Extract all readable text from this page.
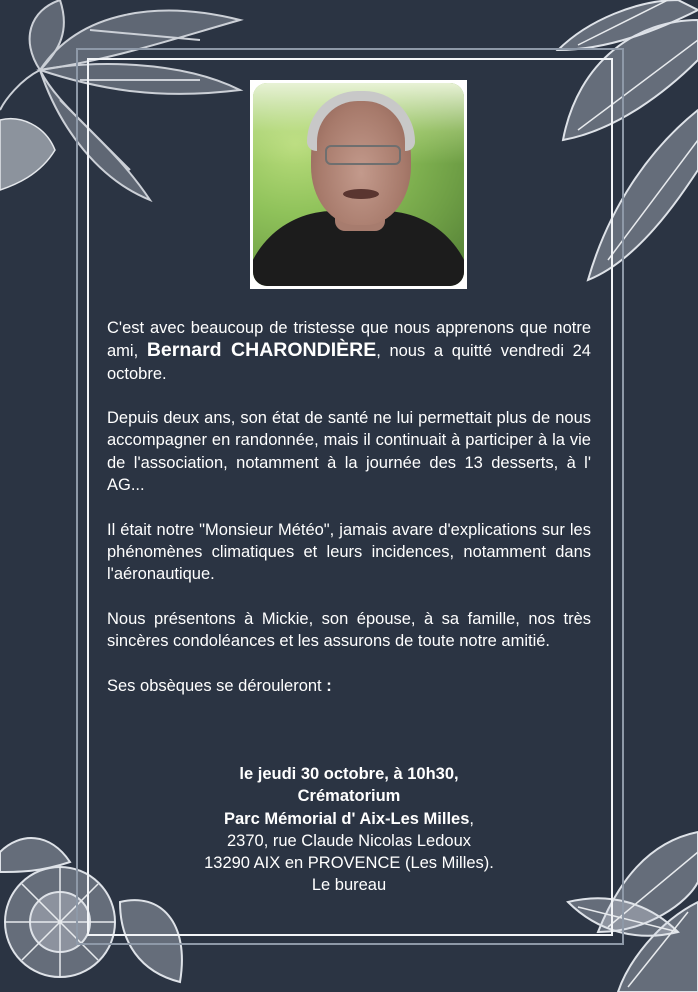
C'est avec beaucoup de tristesse que nous apprenons que notre ami, Bernard CHARONDIÈRE, nous a quitté vendredi 24 octobre.

Depuis deux ans, son état de santé ne lui permettait plus de nous accompagner en randonnée, mais il continuait à participer à la vie de l'association, notamment à la journée des 13 desserts, à l' AG...

Il était notre "Monsieur Météo", jamais avare d'explications sur les phénomènes climatiques et leurs incidences, notamment dans l'aéronautique.

Nous présentons à Mickie, son épouse, à sa famille, nos très sincères condoléances et les assurons de toute notre amitié.

Ses obsèques se dérouleront :

le jeudi 30 octobre, à 10h30,
Crématorium
Parc Mémorial d' Aix-Les Milles,
2370, rue Claude Nicolas Ledoux
13290 AIX en PROVENCE (Les Milles).
Le bureau
